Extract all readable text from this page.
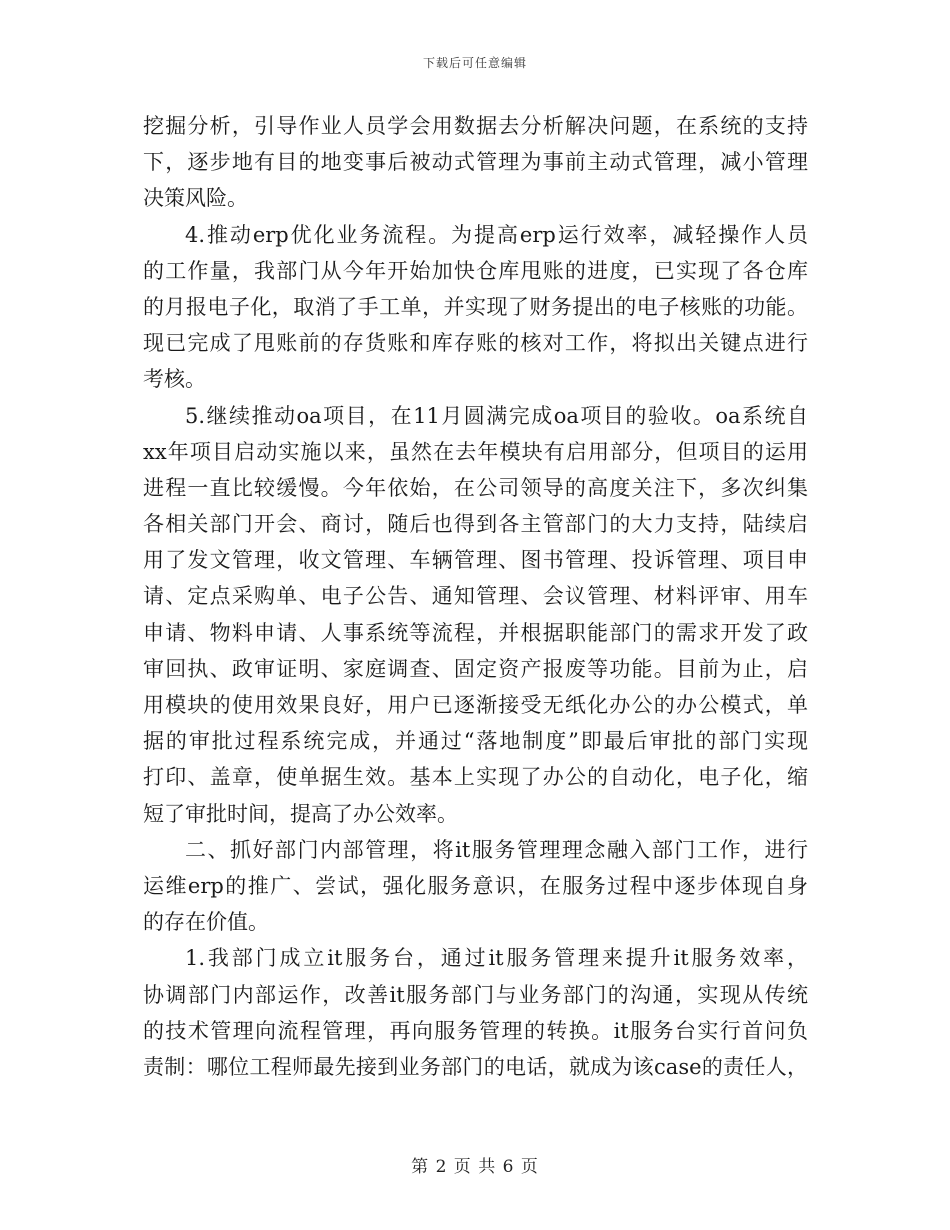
下载后可任意编辑
挖掘分析，引导作业人员学会用数据去分析解决问题，在系统的支持
下，逐步地有目的地变事后被动式管理为事前主动式管理，减小管理
决策风险。
4.推动erp优化业务流程。为提高erp运行效率，减轻操作人员
的工作量，我部门从今年开始加快仓库甩账的进度，已实现了各仓库
的月报电子化，取消了手工单，并实现了财务提出的电子核账的功能。
现已完成了甩账前的存货账和库存账的核对工作，将拟出关键点进行
考核。
5.继续推动oa项目，在11月圆满完成oa项目的验收。oa系统自
xx年项目启动实施以来，虽然在去年模块有启用部分，但项目的运用
进程一直比较缓慢。今年依始，在公司领导的高度关注下，多次纠集
各相关部门开会、商讨，随后也得到各主管部门的大力支持，陆续启
用了发文管理，收文管理、车辆管理、图书管理、投诉管理、项目申
请、定点采购单、电子公告、通知管理、会议管理、材料评审、用车
申请、物料申请、人事系统等流程，并根据职能部门的需求开发了政
审回执、政审证明、家庭调查、固定资产报废等功能。目前为止，启
用模块的使用效果良好，用户已逐渐接受无纸化办公的办公模式，单
据的审批过程系统完成，并通过“落地制度”即最后审批的部门实现
打印、盖章，使单据生效。基本上实现了办公的自动化，电子化，缩
短了审批时间，提高了办公效率。
二、抓好部门内部管理，将it服务管理理念融入部门工作，进行
运维erp的推广、尝试，强化服务意识，在服务过程中逐步体现自身
的存在价值。
1.我部门成立it服务台，通过it服务管理来提升it服务效率，
协调部门内部运作，改善it服务部门与业务部门的沟通，实现从传统
的技术管理向流程管理，再向服务管理的转换。it服务台实行首问负
责制：哪位工程师最先接到业务部门的电话，就成为该case的责任人，
第 2 页 共 6 页
